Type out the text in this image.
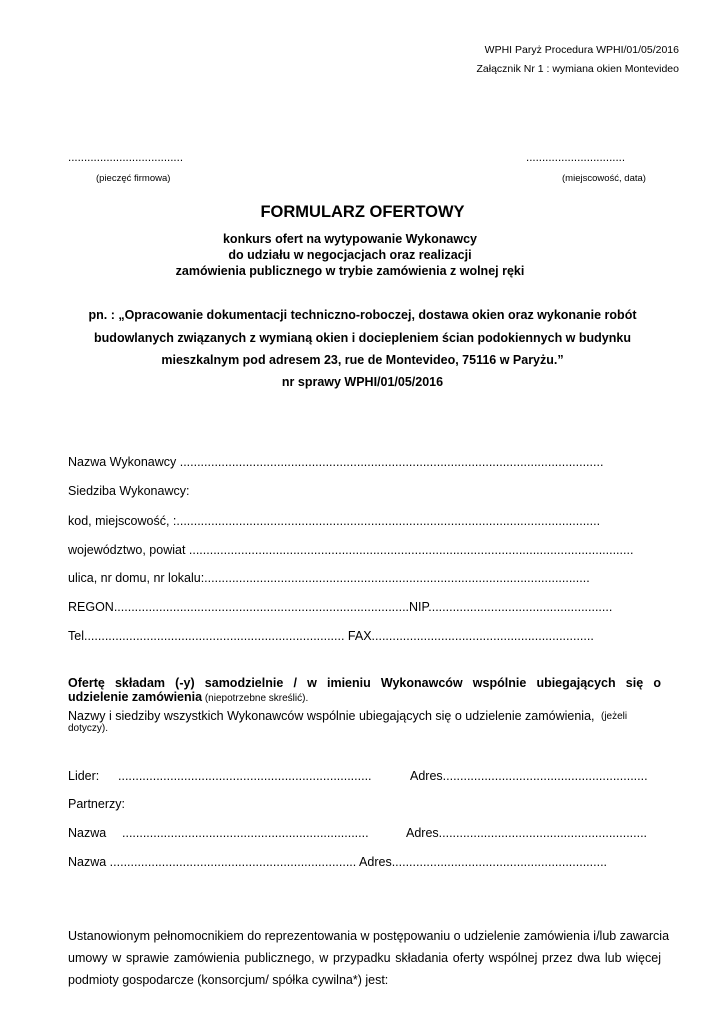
WPHI Paryż Procedura WPHI/01/05/2016
Załącznik Nr 1 : wymiana okien Montevideo
....................................
(pieczęć firmowa)
...............................
(miejscowość, data)
FORMULARZ OFERTOWY
konkurs ofert na wytypowanie Wykonawcy
do udziału w negocjacjach oraz realizacji
zamówienia publicznego w trybie zamówienia z wolnej ręki
pn. : „Opracowanie dokumentacji techniczno-roboczej, dostawa okien oraz wykonanie robót
budowlanych związanych z wymianą okien i dociepleniem ścian podokiennych w budynku
mieszkalnym pod adresem 23, rue de Montevideo, 75116 w Paryżu.”
nr sprawy WPHI/01/05/2016
Nazwa Wykonawcy ..........................................................................................................................
Siedziba Wykonawcy:
kod, miejscowość, :..........................................................................................................................
województwo, powiat ................................................................................................................................
ulica, nr domu, nr lokalu:...............................................................................................................
REGON.....................................................................................NIP.....................................................
Tel........................................................................... FAX................................................................
Ofertę składam (-y) samodzielnie / w imieniu Wykonawców wspólnie ubiegających się o
udzielenie zamówienia (niepotrzebne skreślić).
Nazwy i siedziby wszystkich Wykonawców wspólnie ubiegających się o udzielenie zamówienia, (jeżeli
dotyczy).
Lider: .........................................................................	Adres...........................................................
Partnerzy:
Nazwa .......................................................................	Adres............................................................
Nazwa ....................................................................... Adres..............................................................
Ustanowionym pełnomocnikiem do reprezentowania w postępowaniu o udzielenie zamówienia i/lub zawarcia
umowy w sprawie zamówienia publicznego, w przypadku składania oferty wspólnej przez dwa lub więcej
podmioty gospodarcze (konsorcjum/ spółka cywilna*) jest:
